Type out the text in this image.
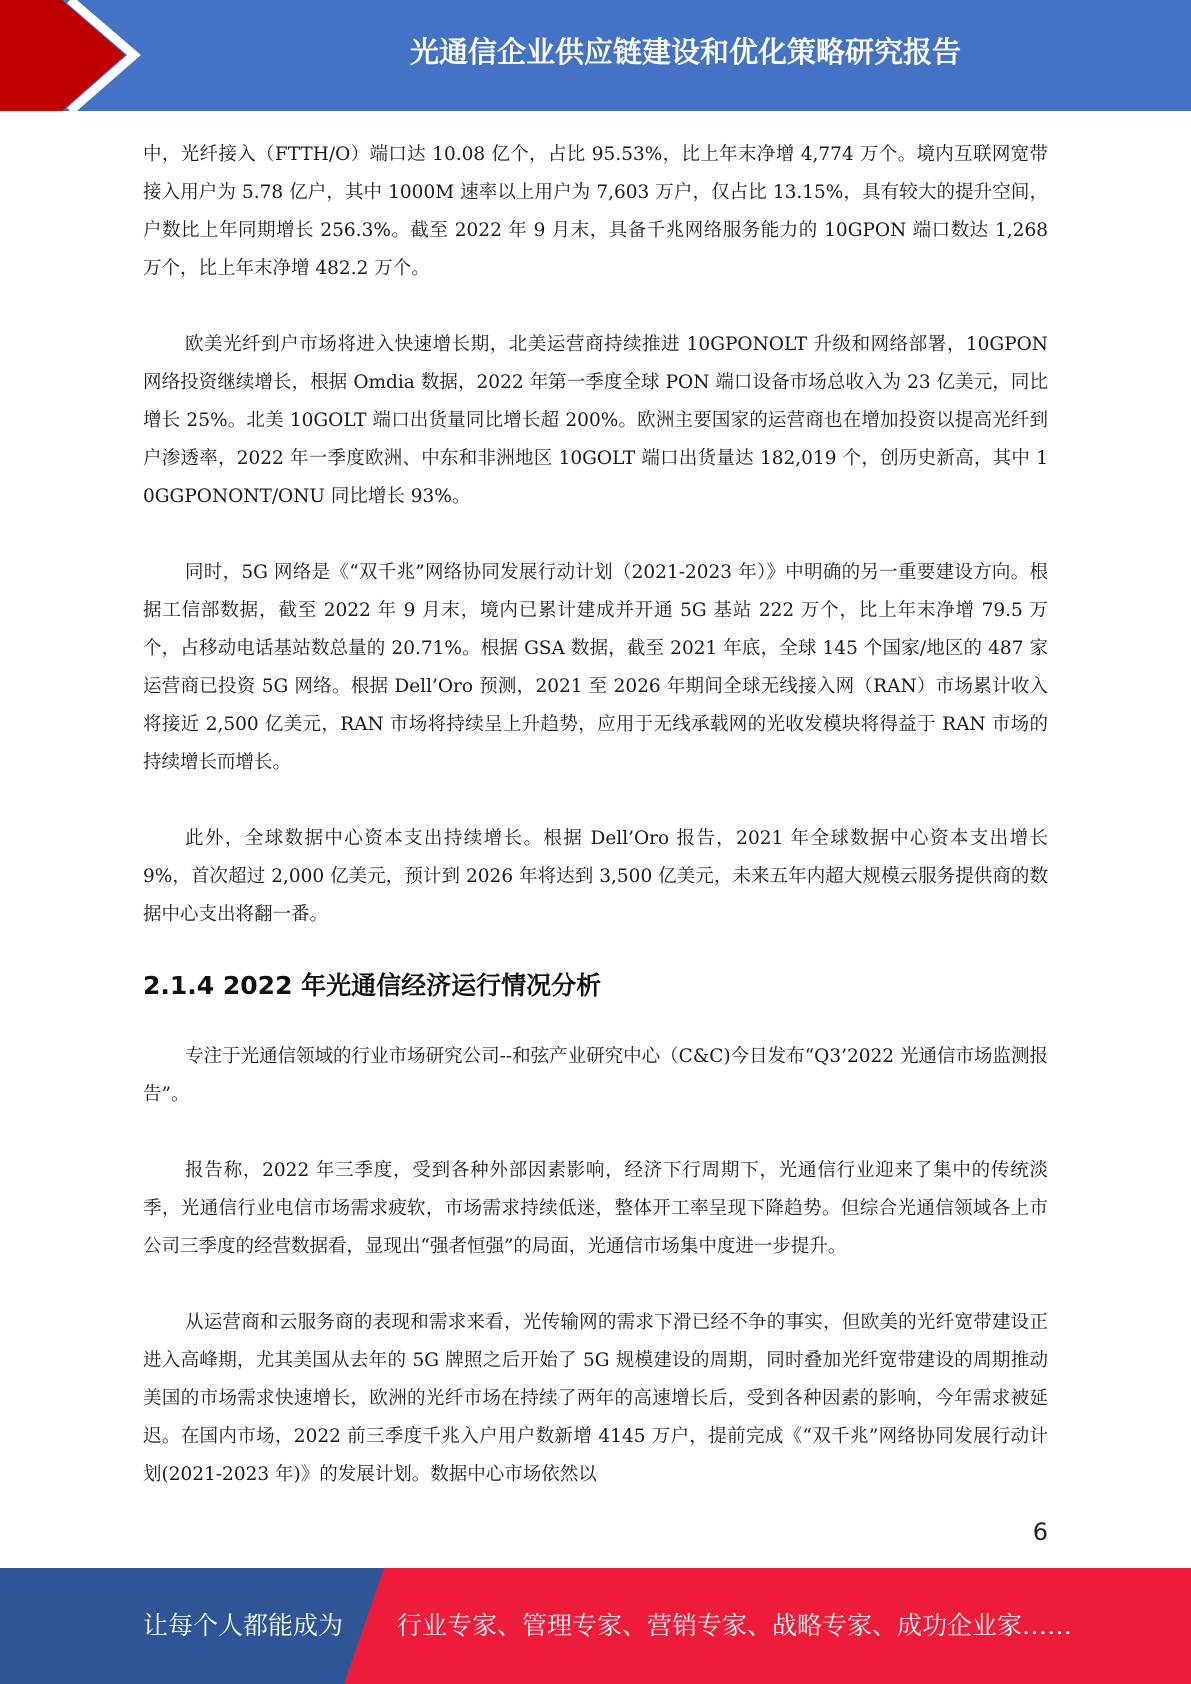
光通信企业供应链建设和优化策略研究报告

中，光纤接入（FTTH/O）端口达 10.08 亿个，占比 95.53%，比上年末净增 4,774 万个。境内互联网宽带接入用户为 5.78 亿户，其中 1000M 速率以上用户为 7,603 万户，仅占比 13.15%，具有较大的提升空间，户数比上年同期增长 256.3%。截至 2022 年 9 月末，具备千兆网络服务能力的 10GPON 端口数达 1,268 万个，比上年末净增 482.2 万个。

欧美光纤到户市场将进入快速增长期，北美运营商持续推进 10GPONOLT 升级和网络部署，10GPON 网络投资继续增长，根据 Omdia 数据，2022 年第一季度全球 PON 端口设备市场总收入为 23 亿美元，同比增长 25%。北美 10GOLT 端口出货量同比增长超 200%。欧洲主要国家的运营商也在增加投资以提高光纤到户渗透率，2022 年一季度欧洲、中东和非洲地区 10GOLT 端口出货量达 182,019 个，创历史新高，其中 10GGPONONT/ONU 同比增长 93%。

同时，5G 网络是《“双千兆”网络协同发展行动计划（2021-2023 年）》中明确的另一重要建设方向。根据工信部数据，截至 2022 年 9 月末，境内已累计建成并开通 5G 基站 222 万个，比上年末净增 79.5 万个，占移动电话基站数总量的 20.71%。根据 GSA 数据，截至 2021 年底，全球 145 个国家/地区的 487 家运营商已投资 5G 网络。根据 Dell’Oro 预测，2021 至 2026 年期间全球无线接入网（RAN）市场累计收入将接近 2,500 亿美元，RAN 市场将持续呈上升趋势，应用于无线承载网的光收发模块将得益于 RAN 市场的持续增长而增长。

此外，全球数据中心资本支出持续增长。根据 Dell’Oro 报告，2021 年全球数据中心资本支出增长 9%，首次超过 2,000 亿美元，预计到 2026 年将达到 3,500 亿美元，未来五年内超大规模云服务提供商的数据中心支出将翻一番。

2.1.4 2022 年光通信经济运行情况分析

专注于光通信领域的行业市场研究公司--和弦产业研究中心（C&C)今日发布“Q3’2022 光通信市场监测报告”。

报告称，2022 年三季度，受到各种外部因素影响，经济下行周期下，光通信行业迎来了集中的传统淡季，光通信行业电信市场需求疲软，市场需求持续低迷，整体开工率呈现下降趋势。但综合光通信领域各上市公司三季度的经营数据看，显现出“强者恒强”的局面，光通信市场集中度进一步提升。

从运营商和云服务商的表现和需求来看，光传输网的需求下滑已经不争的事实，但欧美的光纤宽带建设正进入高峰期，尤其美国从去年的 5G 牌照之后开始了 5G 规模建设的周期，同时叠加光纤宽带建设的周期推动美国的市场需求快速增长，欧洲的光纤市场在持续了两年的高速增长后，受到各种因素的影响，今年需求被延迟。在国内市场，2022 前三季度千兆入户用户数新增 4145 万户，提前完成《“双千兆”网络协同发展行动计划(2021-2023 年)》的发展计划。数据中心市场依然以

6
让每个人都能成为 行业专家、管理专家、营销专家、战略专家、成功企业家……
